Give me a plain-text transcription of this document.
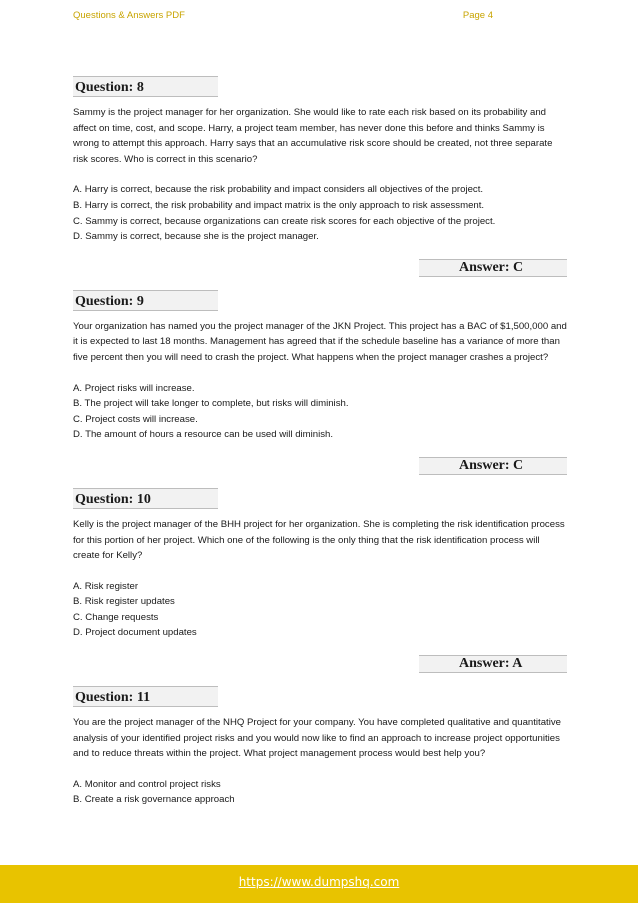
Questions & Answers PDF	Page 4
Question: 8

Sammy is the project manager for her organization. She would like to rate each risk based on its probability and affect on time, cost, and scope. Harry, a project team member, has never done this before and thinks Sammy is wrong to attempt this approach. Harry says that an accumulative risk score should be created, not three separate risk scores. Who is correct in this scenario?

A. Harry is correct, because the risk probability and impact considers all objectives of the project.
B. Harry is correct, the risk probability and impact matrix is the only approach to risk assessment.
C. Sammy is correct, because organizations can create risk scores for each objective of the project.
D. Sammy is correct, because she is the project manager.
Answer: C
Question: 9

Your organization has named you the project manager of the JKN Project. This project has a BAC of $1,500,000 and it is expected to last 18 months. Management has agreed that if the schedule baseline has a variance of more than five percent then you will need to crash the project. What happens when the project manager crashes a project?

A. Project risks will increase.
B. The project will take longer to complete, but risks will diminish.
C. Project costs will increase.
D. The amount of hours a resource can be used will diminish.
Answer: C
Question: 10

Kelly is the project manager of the BHH project for her organization. She is completing the risk identification process for this portion of her project. Which one of the following is the only thing that the risk identification process will create for Kelly?

A. Risk register
B. Risk register updates
C. Change requests
D. Project document updates
Answer: A
Question: 11

You are the project manager of the NHQ Project for your company. You have completed qualitative and quantitative analysis of your identified project risks and you would now like to find an approach to increase project opportunities and to reduce threats within the project. What project management process would best help you?

A. Monitor and control project risks
B. Create a risk governance approach
https://www.dumpshq.com
